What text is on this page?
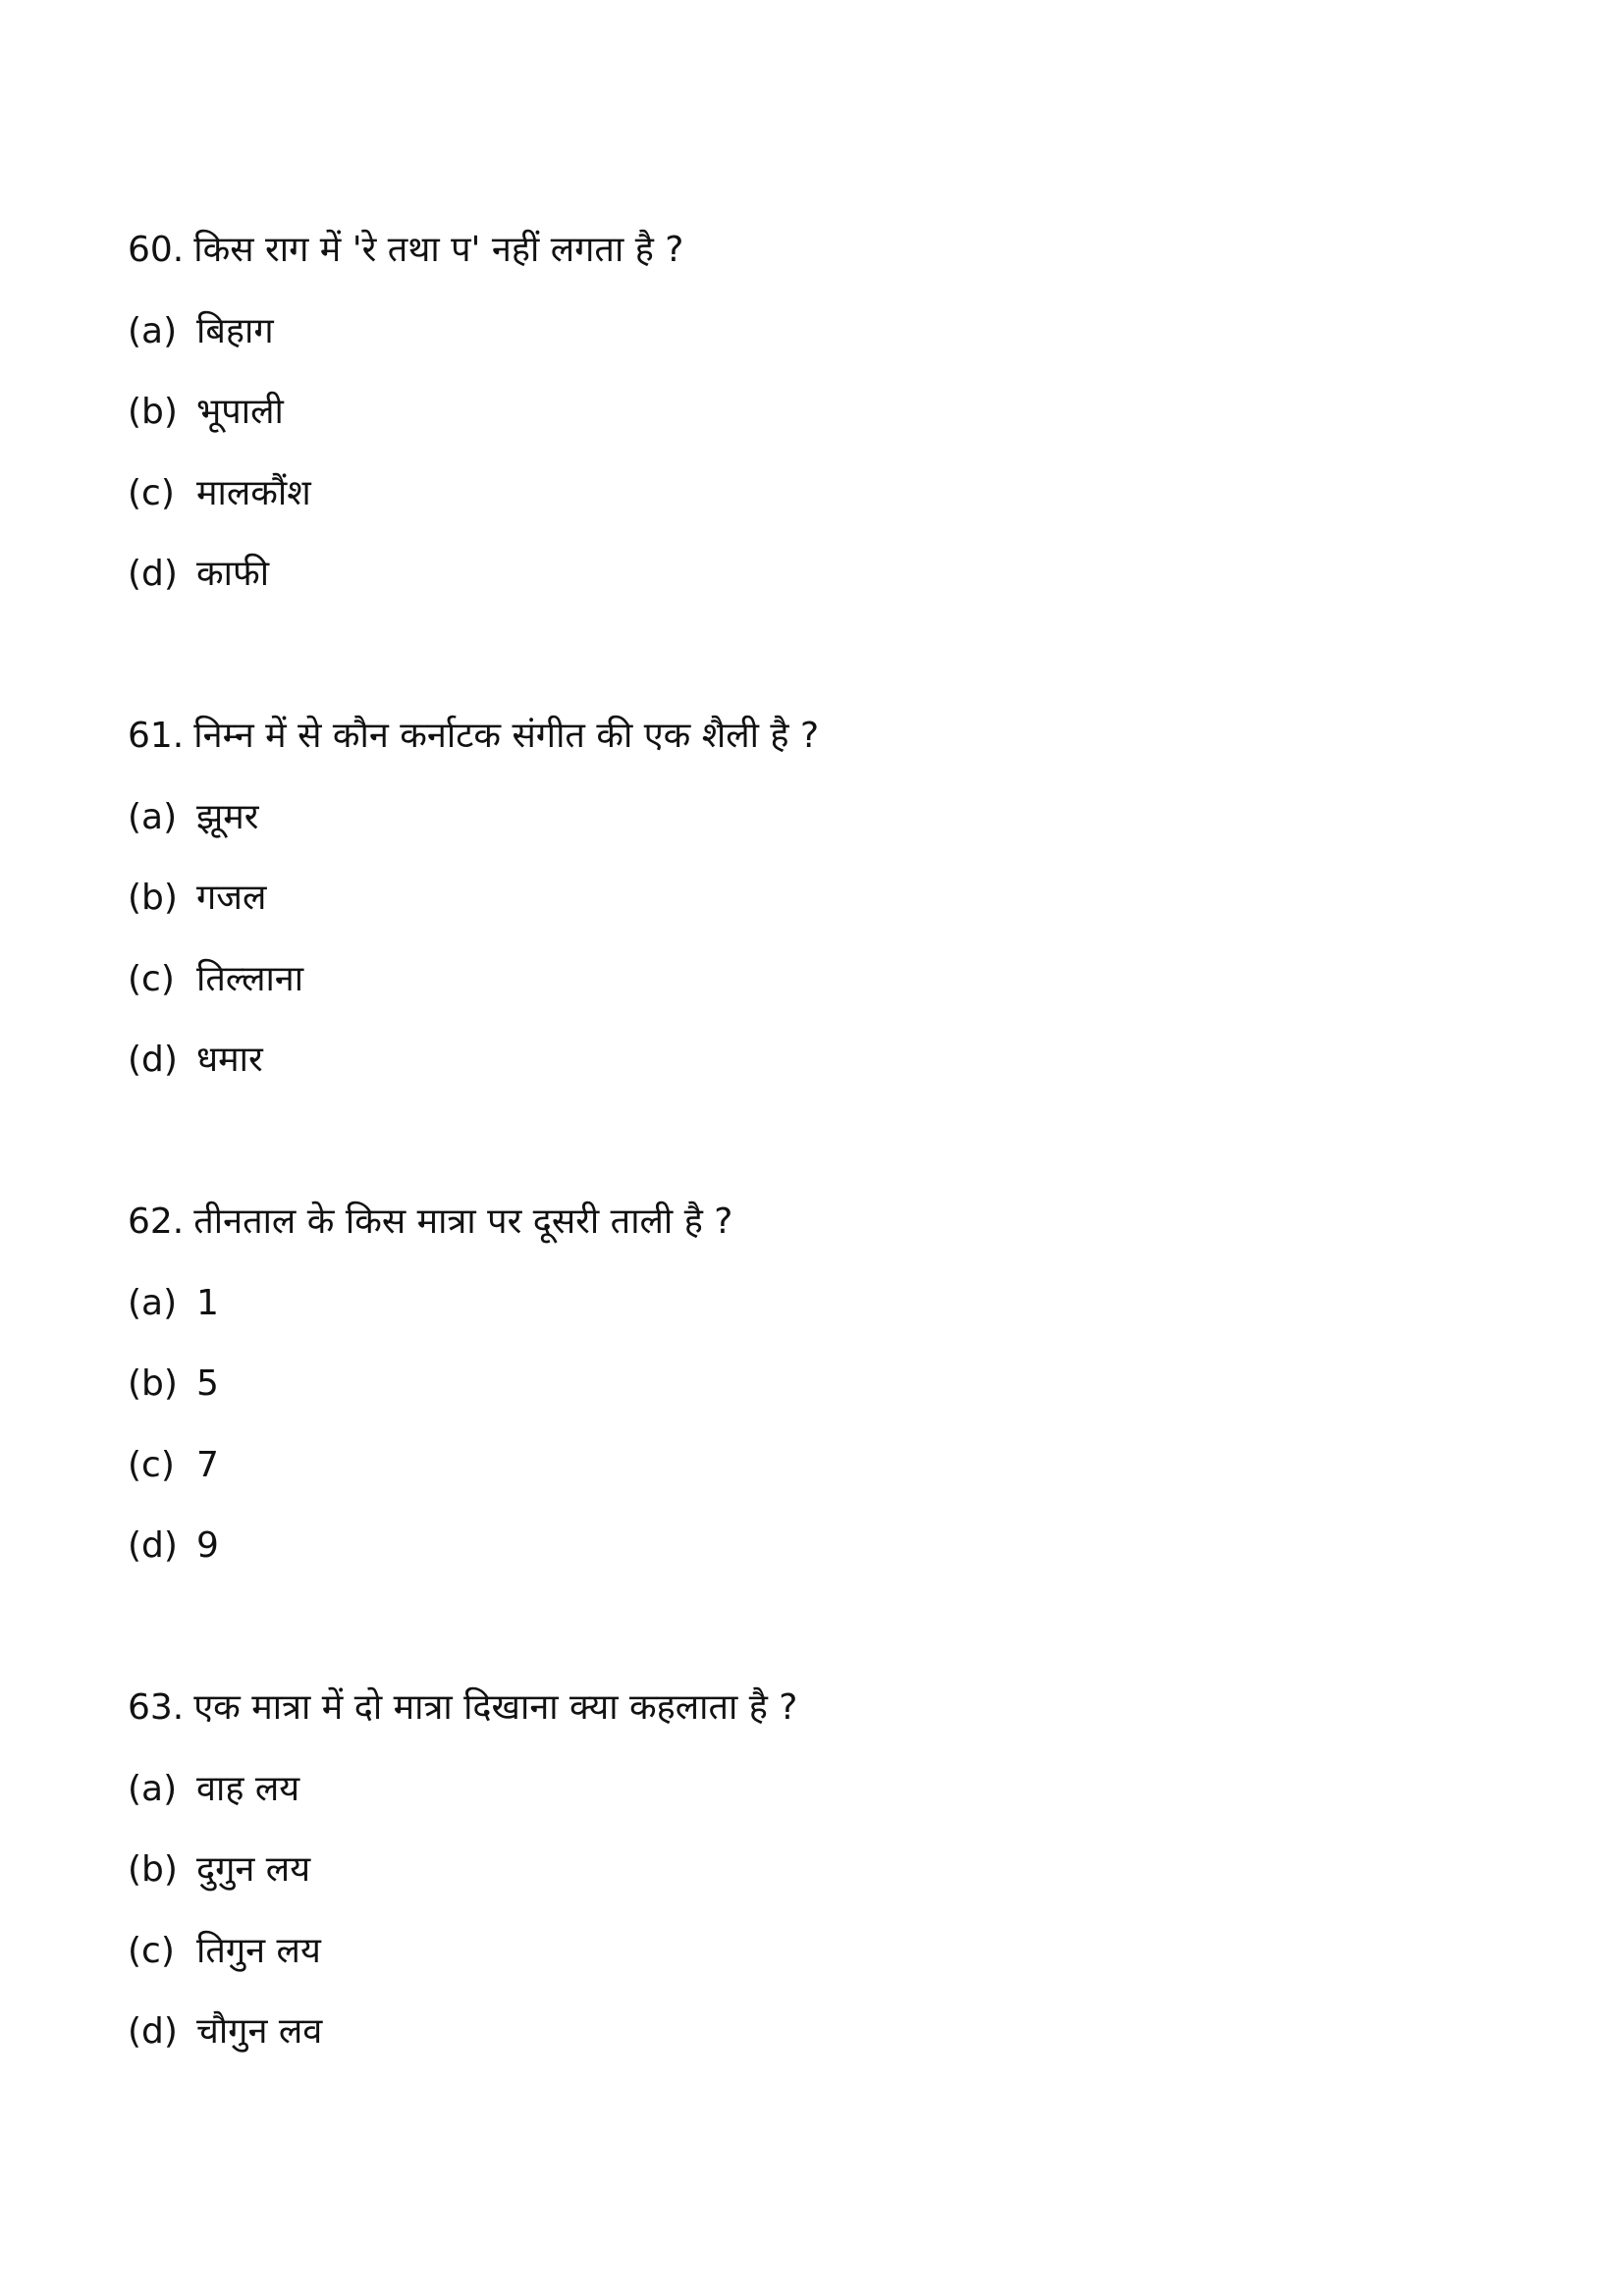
60. किस राग में 'रे तथा प' नहीं लगता है ?
(a) बिहाग
(b) भूपाली
(c) मालकौंश
(d) काफी
61. निम्न में से कौन कर्नाटक संगीत की एक शैली है ?
(a) झूमर
(b) गजल
(c) तिल्लाना
(d) धमार
62. तीनताल के किस मात्रा पर दूसरी ताली है ?
(a) 1
(b) 5
(c) 7
(d) 9
63. एक मात्रा में दो मात्रा दिखाना क्या कहलाता है ?
(a) वाह लय
(b) दुगुन लय
(c) तिगुन लय
(d) चौगुन लव
